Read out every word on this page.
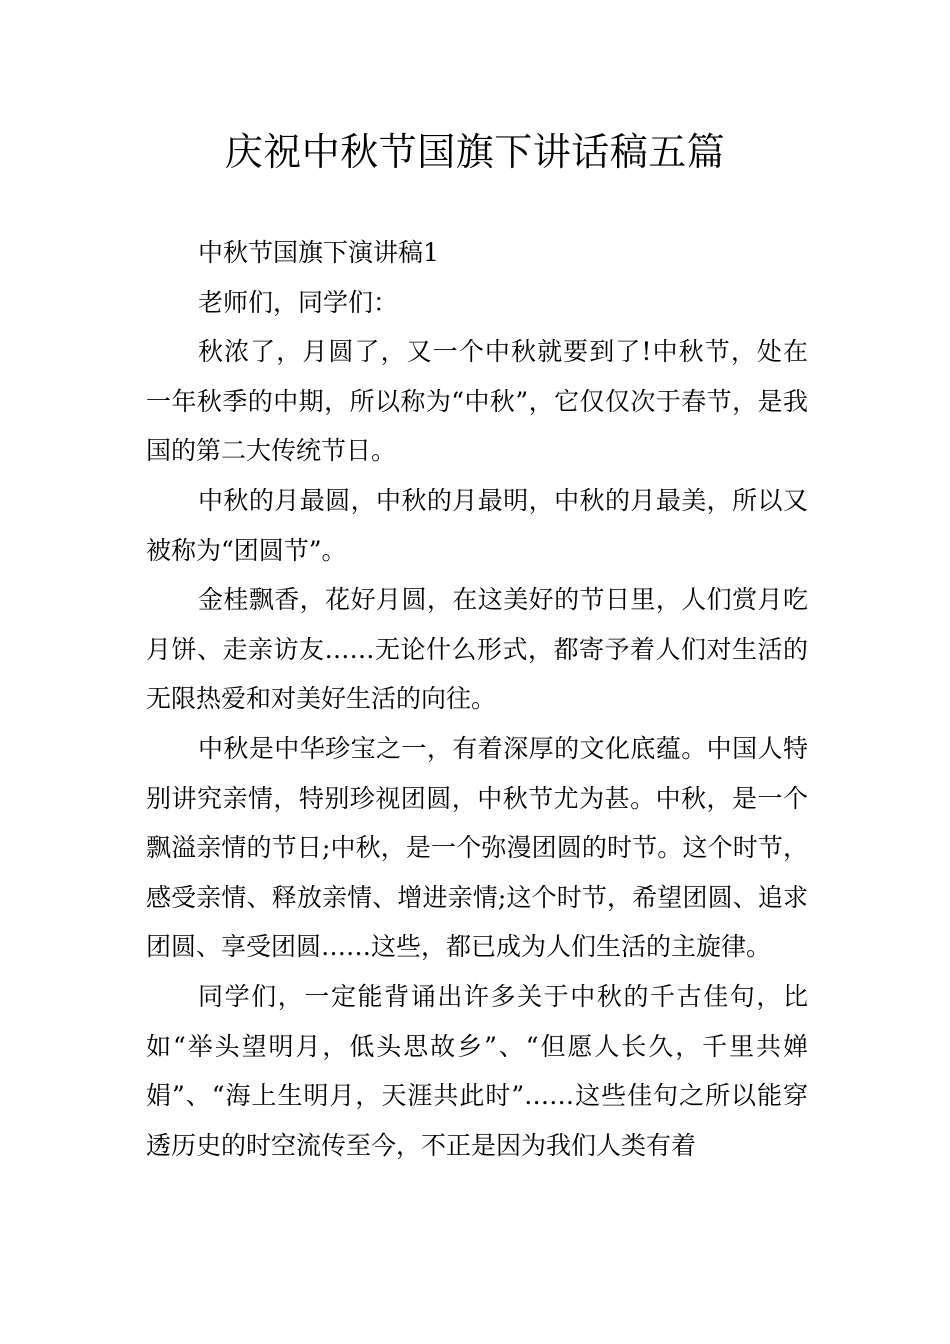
庆祝中秋节国旗下讲话稿五篇

中秋节国旗下演讲稿1

老师们，同学们：

秋浓了，月圆了，又一个中秋就要到了!中秋节，处在一年秋季的中期，所以称为“中秋”，它仅仅次于春节，是我国的第二大传统节日。

中秋的月最圆，中秋的月最明，中秋的月最美，所以又被称为“团圆节”。

金桂飘香，花好月圆，在这美好的节日里，人们赏月吃月饼、走亲访友……无论什么形式，都寄予着人们对生活的无限热爱和对美好生活的向往。

中秋是中华珍宝之一，有着深厚的文化底蕴。中国人特别讲究亲情，特别珍视团圆，中秋节尤为甚。中秋，是一个飘溢亲情的节日;中秋，是一个弥漫团圆的时节。这个时节，感受亲情、释放亲情、增进亲情;这个时节，希望团圆、追求团圆、享受团圆……这些，都已成为人们生活的主旋律。

同学们，一定能背诵出许多关于中秋的千古佳句，比如“举头望明月，低头思故乡”、“但愿人长久，千里共婵娟”、“海上生明月，天涯共此时”……这些佳句之所以能穿透历史的时空流传至今，不正是因为我们人类有着
